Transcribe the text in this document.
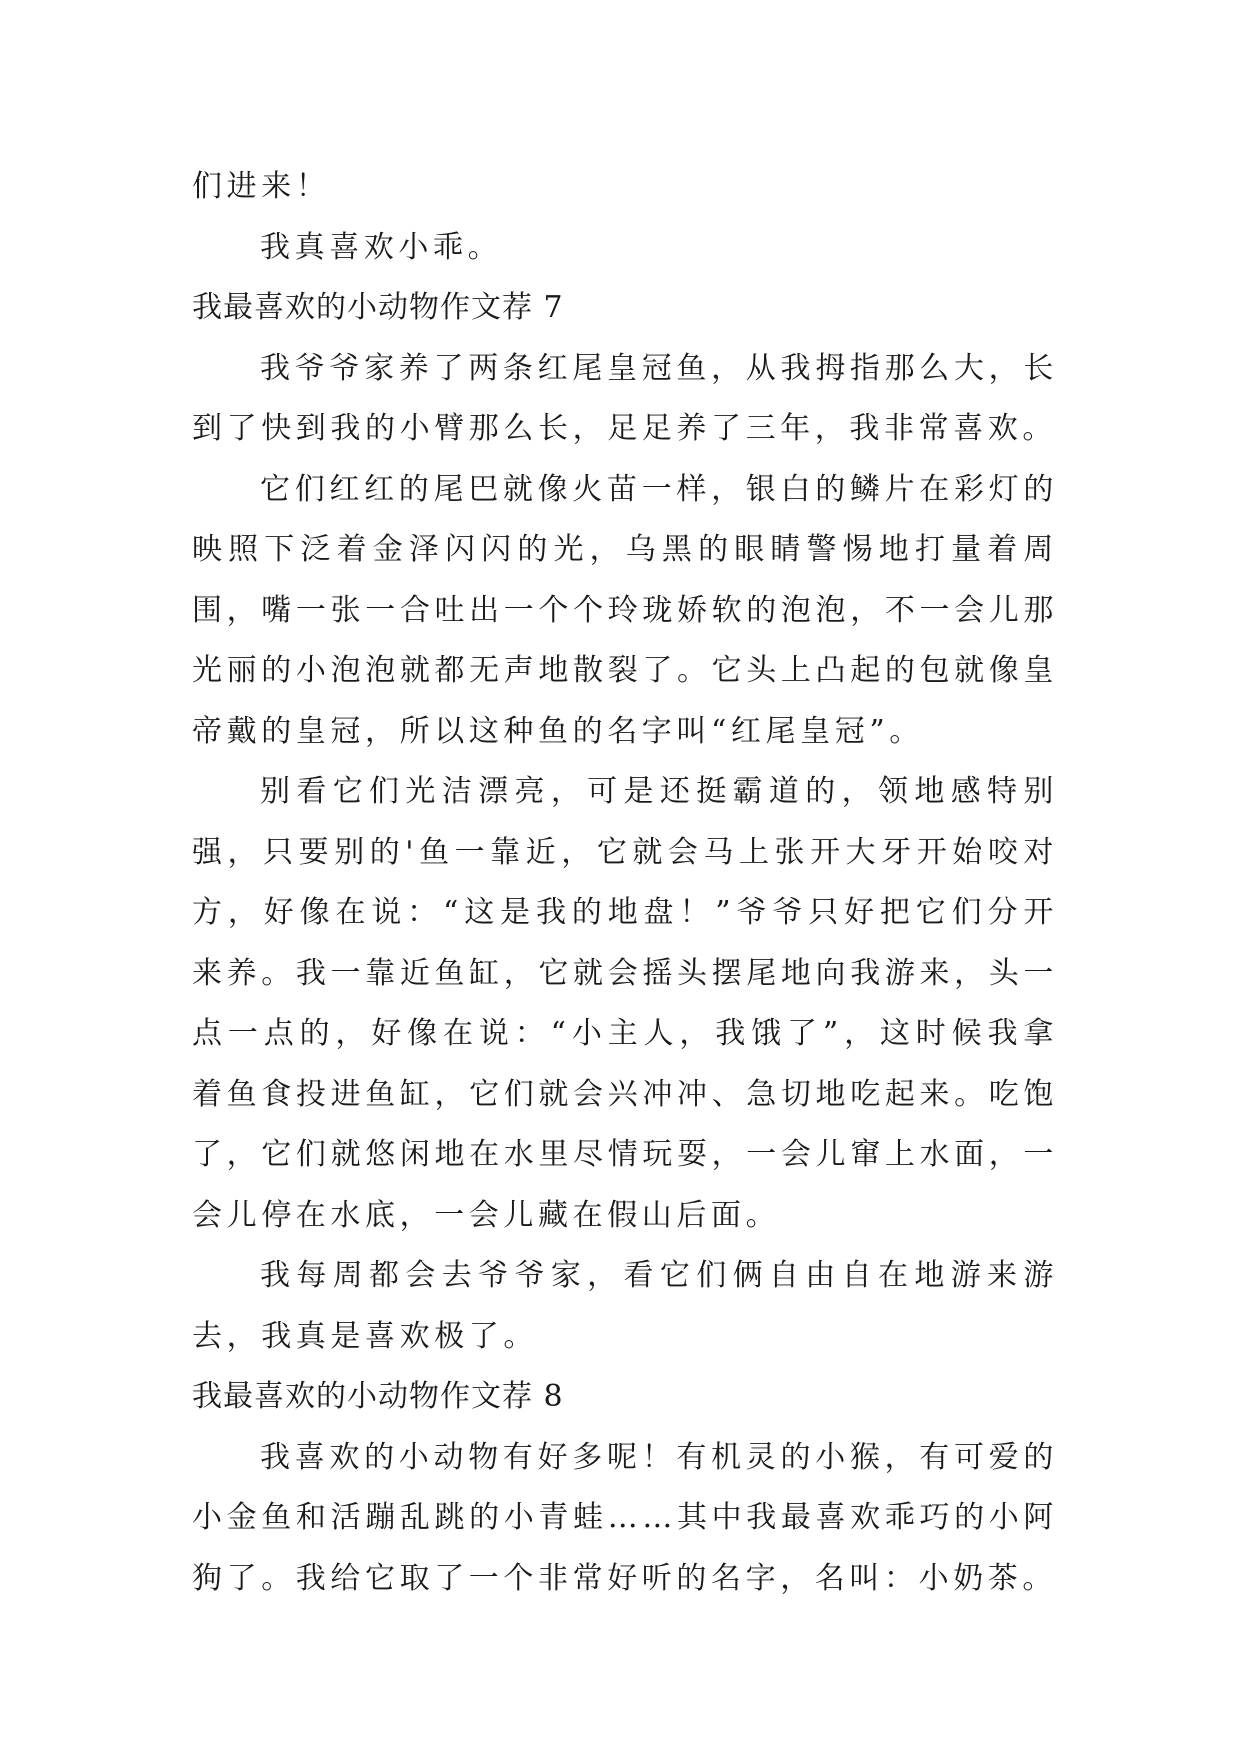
们进来！

我真喜欢小乖。

我最喜欢的小动物作文荐 7

我爷爷家养了两条红尾皇冠鱼，从我拇指那么大，长到了快到我的小臂那么长，足足养了三年，我非常喜欢。

它们红红的尾巴就像火苗一样，银白的鳞片在彩灯的映照下泛着金泽闪闪的光，乌黑的眼睛警惕地打量着周围，嘴一张一合吐出一个个玲珑娇软的泡泡，不一会儿那光丽的小泡泡就都无声地散裂了。它头上凸起的包就像皇帝戴的皇冠，所以这种鱼的名字叫“红尾皇冠”。

别看它们光洁漂亮，可是还挺霸道的，领地感特别强，只要别的'鱼一靠近，它就会马上张开大牙开始咬对方，好像在说：“这是我的地盘！”爷爷只好把它们分开来养。我一靠近鱼缸，它就会摇头摆尾地向我游来，头一点一点的，好像在说：“小主人，我饿了”，这时候我拿着鱼食投进鱼缸，它们就会兴冲冲、急切地吃起来。吃饱了，它们就悠闲地在水里尽情玩耍，一会儿窜上水面，一会儿停在水底，一会儿藏在假山后面。

我每周都会去爷爷家，看它们俩自由自在地游来游去，我真是喜欢极了。

我最喜欢的小动物作文荐 8

我喜欢的小动物有好多呢！有机灵的小猴，有可爱的小金鱼和活蹦乱跳的小青蛙……其中我最喜欢乖巧的小阿狗了。我给它取了一个非常好听的名字，名叫：小奶茶。
